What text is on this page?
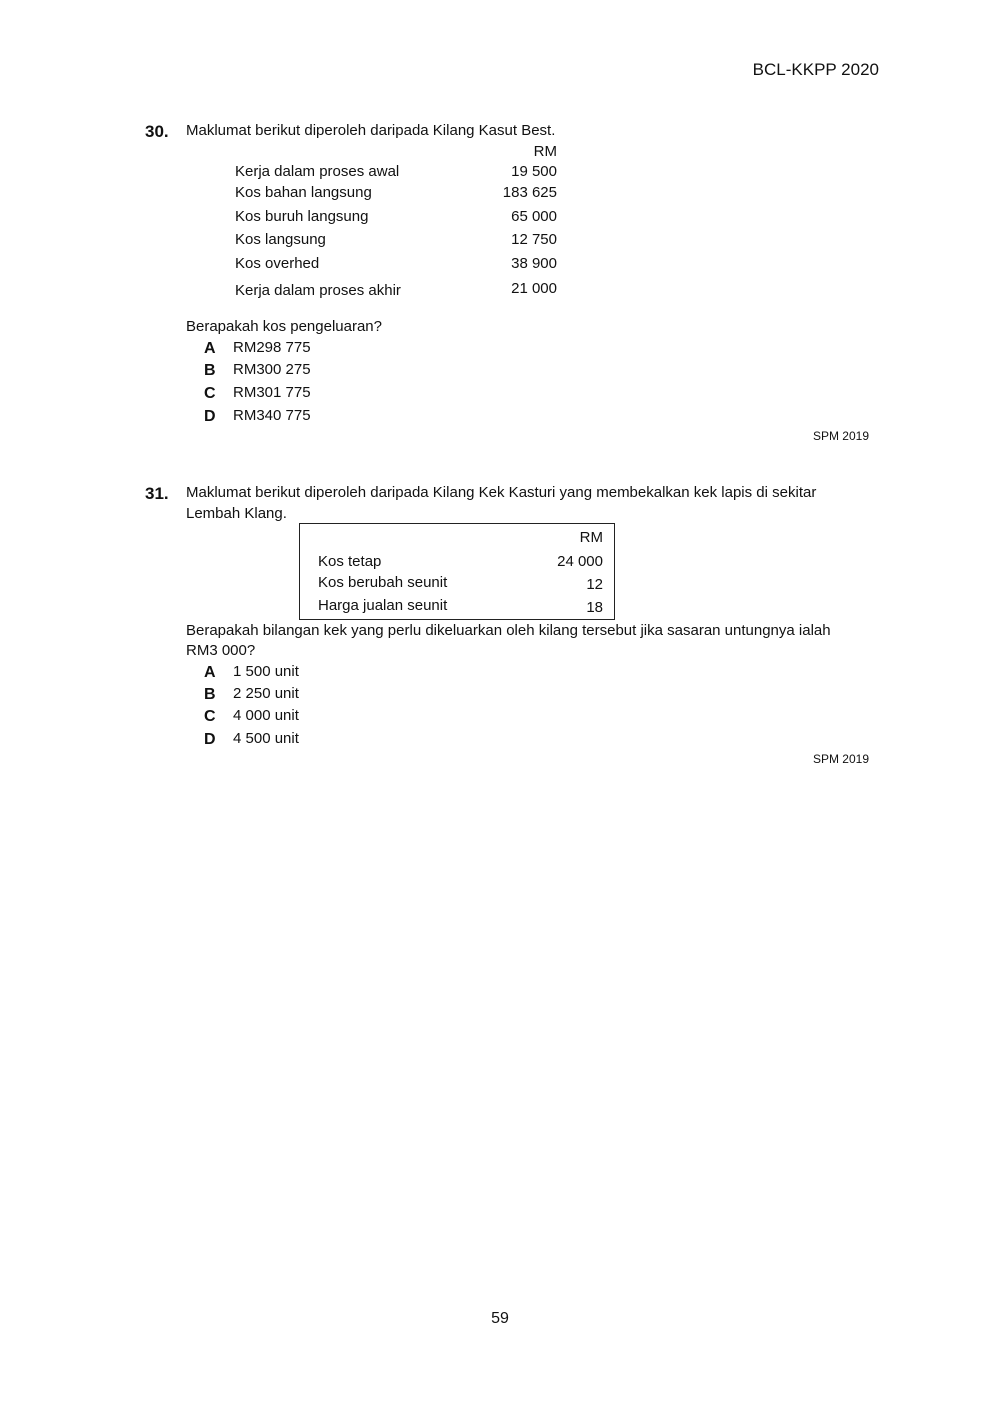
BCL-KKPP 2020
30. Maklumat berikut diperoleh daripada Kilang Kasut Best.
RM
Kerja dalam proses awal	19 500
Kos bahan langsung	183 625
Kos buruh langsung	65 000
Kos langsung	12 750
Kos overhed	38 900
Kerja dalam proses akhir	21 000
Berapakah kos pengeluaran?
A RM298 775
B RM300 275
C RM301 775
D RM340 775
SPM 2019
31. Maklumat berikut diperoleh daripada Kilang Kek Kasturi yang membekalkan kek lapis di sekitar
Lembah Klang.
RM
Kos tetap	24 000
Kos berubah seunit	12
Harga jualan seunit	18
Berapakah bilangan kek yang perlu dikeluarkan oleh kilang tersebut jika sasaran untungnya ialah
RM3 000?
A 1 500 unit
B 2 250 unit
C 4 000 unit
D 4 500 unit
SPM 2019
59
